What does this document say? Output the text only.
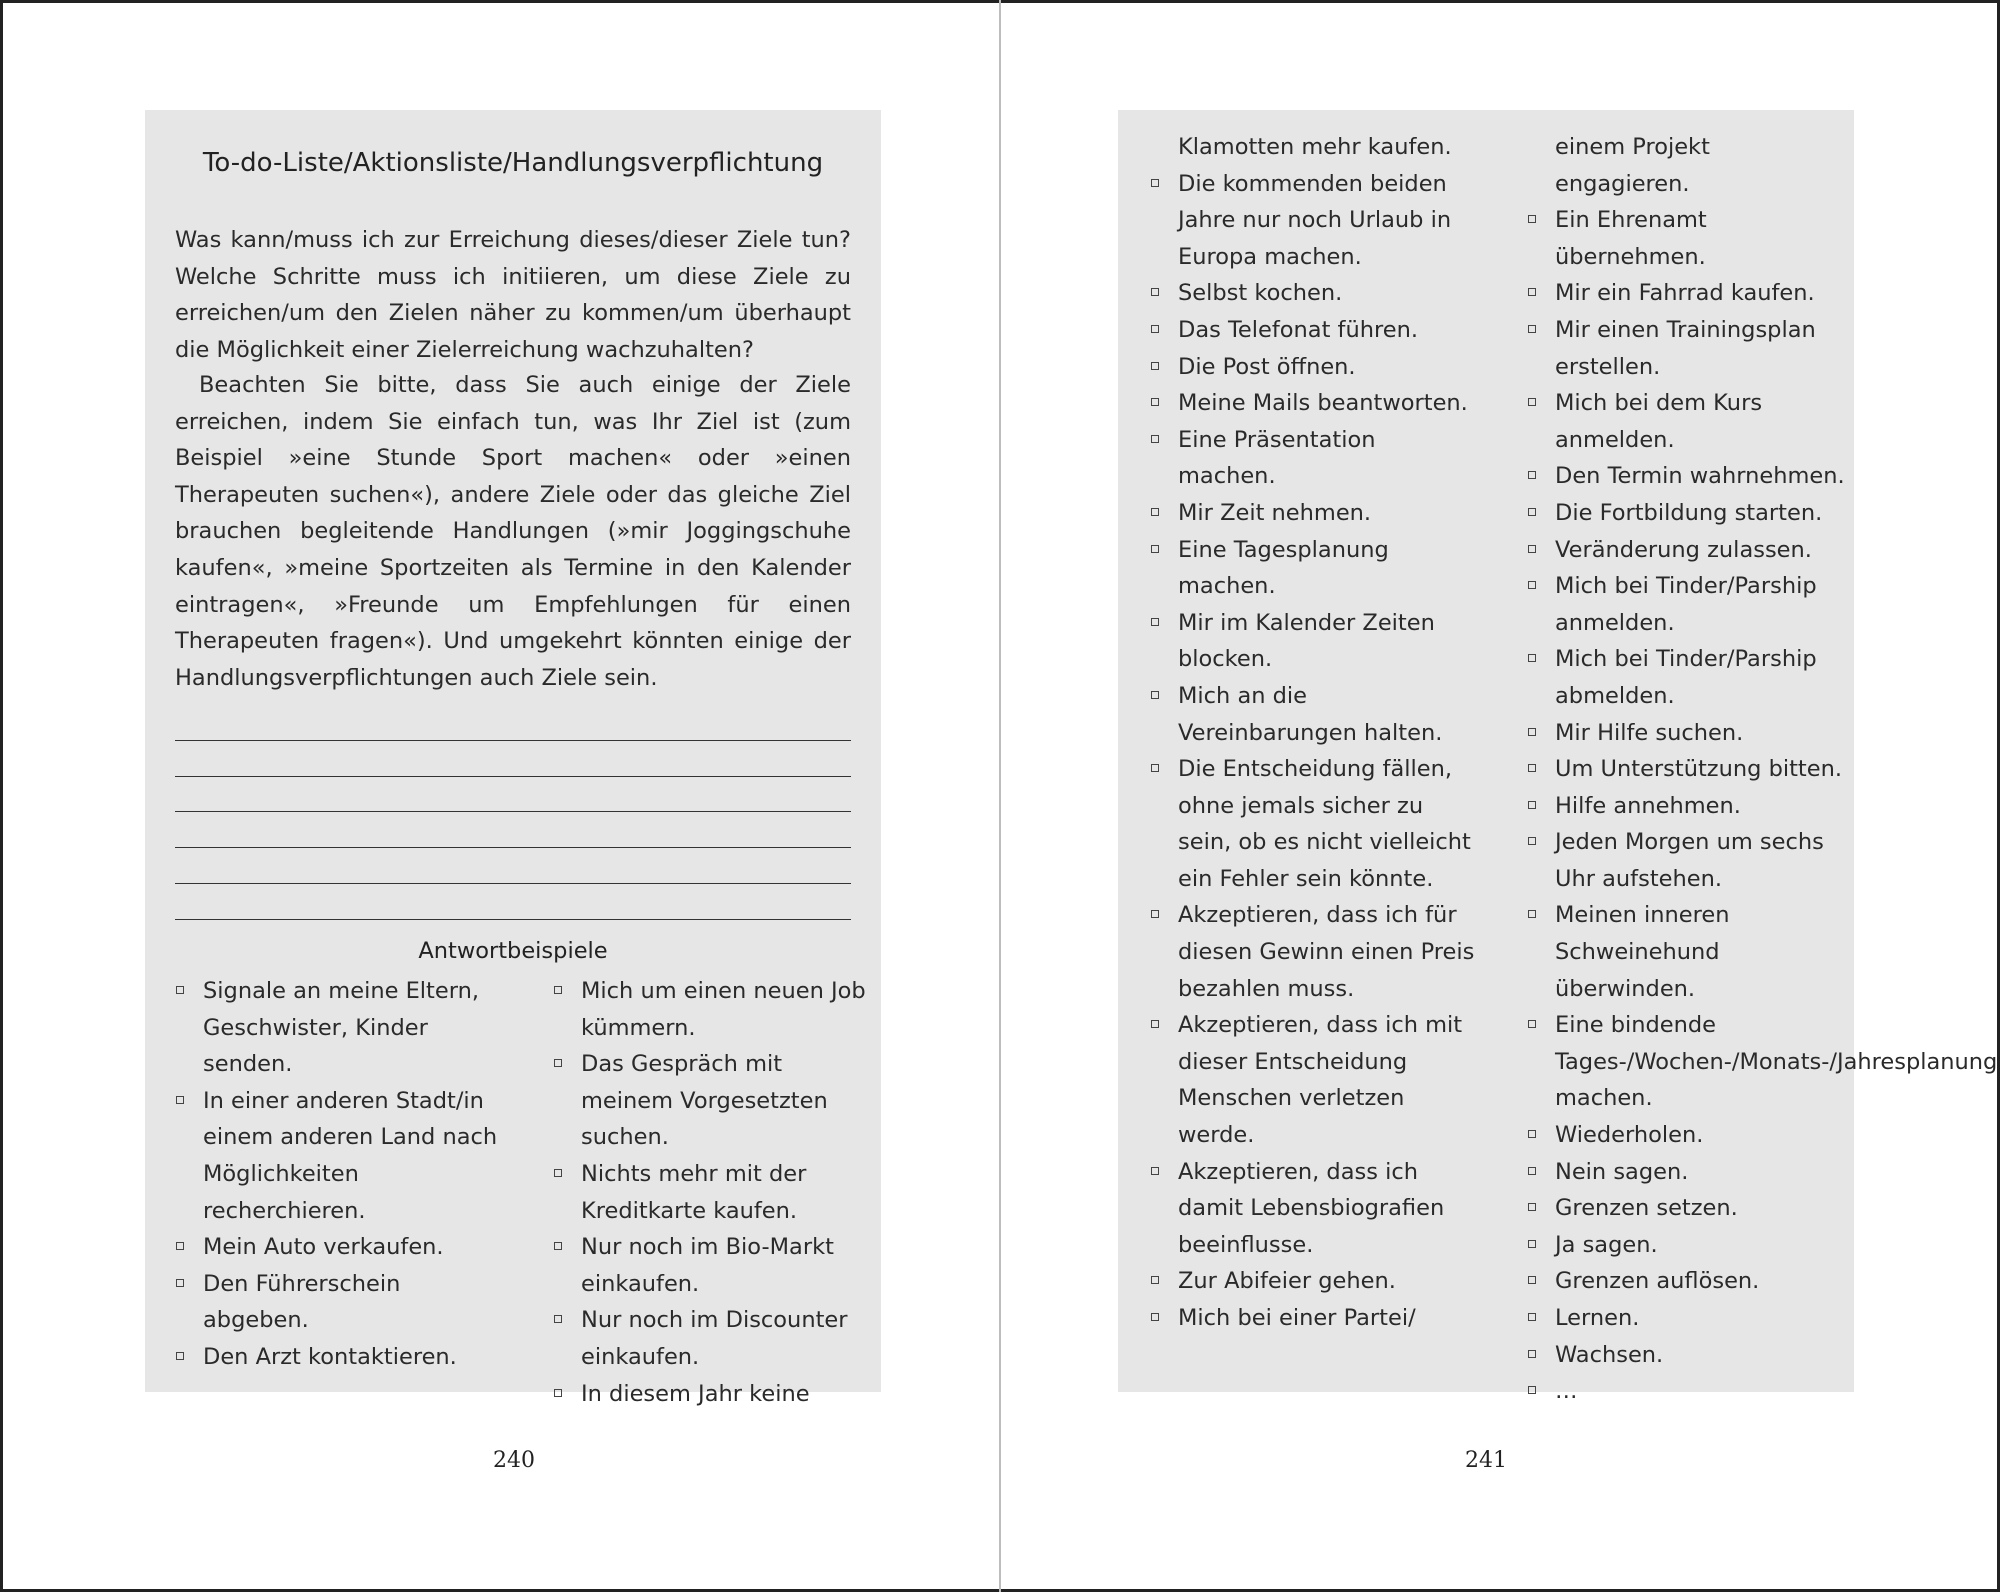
To-do-Liste/Aktionsliste/Handlungsverpflichtung

Was kann/muss ich zur Erreichung dieses/dieser Ziele tun? Welche Schritte muss ich initiieren, um diese Ziele zu erreichen/um den Zielen näher zu kommen/um überhaupt die Möglichkeit einer Zielerreichung wachzuhalten?

Beachten Sie bitte, dass Sie auch einige der Ziele erreichen, indem Sie einfach tun, was Ihr Ziel ist (zum Beispiel »eine Stunde Sport machen« oder »einen Therapeuten suchen«), andere Ziele oder das gleiche Ziel brauchen begleitende Handlungen (»mir Joggingschuhe kaufen«, »meine Sportzeiten als Termine in den Kalender eintragen«, »Freunde um Empfehlungen für einen Therapeuten fragen«). Und umgekehrt könnten einige der Handlungsverpflichtungen auch Ziele sein.

Antwortbeispiele
Signale an meine Eltern, Geschwister, Kinder senden.
In einer anderen Stadt/in einem anderen Land nach Möglichkeiten recherchieren.
Mein Auto verkaufen.
Den Führerschein abgeben.
Den Arzt kontaktieren.
Mich um einen neuen Job kümmern.
Das Gespräch mit meinem Vorgesetzten suchen.
Nichts mehr mit der Kreditkarte kaufen.
Nur noch im Bio-Markt einkaufen.
Nur noch im Discounter einkaufen.
In diesem Jahr keine
240
Klamotten mehr kaufen.
Die kommenden beiden Jahre nur noch Urlaub in Europa machen.
Selbst kochen.
Das Telefonat führen.
Die Post öffnen.
Meine Mails beantworten.
Eine Präsentation machen.
Mir Zeit nehmen.
Eine Tagesplanung machen.
Mir im Kalender Zeiten blocken.
Mich an die Vereinbarungen halten.
Die Entscheidung fällen, ohne jemals sicher zu sein, ob es nicht vielleicht ein Fehler sein könnte.
Akzeptieren, dass ich für diesen Gewinn einen Preis bezahlen muss.
Akzeptieren, dass ich mit dieser Entscheidung Menschen verletzen werde.
Akzeptieren, dass ich damit Lebensbiografien beeinflusse.
Zur Abifeier gehen.
Mich bei einer Partei/
einem Projekt engagieren.
Ein Ehrenamt übernehmen.
Mir ein Fahrrad kaufen.
Mir einen Trainingsplan erstellen.
Mich bei dem Kurs anmelden.
Den Termin wahrnehmen.
Die Fortbildung starten.
Veränderung zulassen.
Mich bei Tinder/Parship anmelden.
Mich bei Tinder/Parship abmelden.
Mir Hilfe suchen.
Um Unterstützung bitten.
Hilfe annehmen.
Jeden Morgen um sechs Uhr aufstehen.
Meinen inneren Schweinehund überwinden.
Eine bindende Tages-/Wochen-/Monats-/Jahresplanung machen.
Wiederholen.
Nein sagen.
Grenzen setzen.
Ja sagen.
Grenzen auflösen.
Lernen.
Wachsen.
…
241
